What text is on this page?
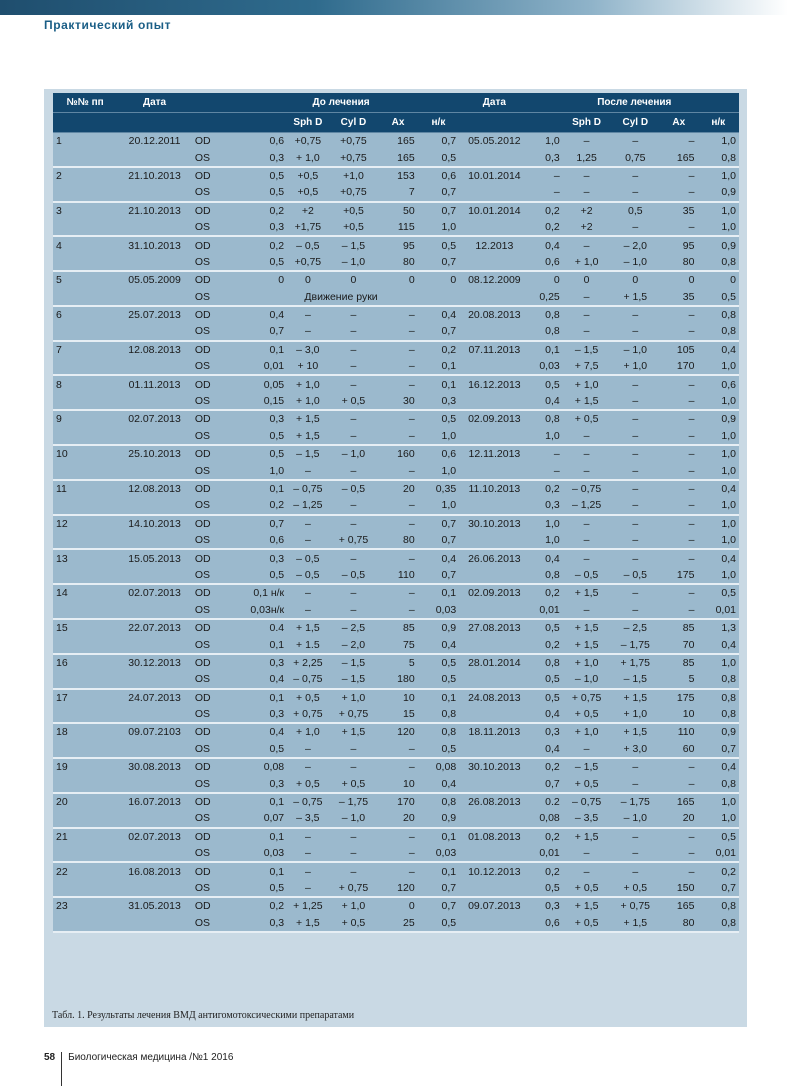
Практический опыт
№№ пп	Дата		До лечения					Дата	После лечения				
				Sph D	Cyl D	Ax	н/к			Sph D	Cyl D	Ax	н/к
1	20.12.2011	OD	0,6	+0,75	+0,75	165	0,7	05.05.2012	1,0	–	–	–	1,0
		OS	0,3	+ 1,0	+0,75	165	0,5		0,3	1,25	0,75	165	0,8
2	21.10.2013	OD	0,5	+0,5	+1,0	153	0,6	10.01.2014	–	–	–	–	1,0
		OS	0,5	+0,5	+0,75	7	0,7		–	–	–	–	0,9
3	21.10.2013	OD	0,2	+2	+0,5	50	0,7	10.01.2014	0,2	+2	0,5	35	1,0
		OS	0,3	+1,75	+0,5	115	1,0		0,2	+2	–	–	1,0
4	31.10.2013	OD	0,2	– 0,5	– 1,5	95	0,5	12.2013	0,4	–	– 2,0	95	0,9
		OS	0,5	+0,75	– 1,0	80	0,7		0,6	+ 1,0	– 1,0	80	0,8
5	05.05.2009	OD	0	0	0	0	0	08.12.2009	0	0	0	0	0
		OS	Движение руки						0,25	–	+ 1,5	35	0,5
6	25.07.2013	OD	0,4	–	–	–	0,4	20.08.2013	0,8	–	–	–	0,8
		OS	0,7	–	–	–	0,7		0,8	–	–	–	0,8
7	12.08.2013	OD	0,1	– 3,0	–	–	0,2	07.11.2013	0,1	– 1,5	– 1,0	105	0,4
		OS	0,01	+ 10	–	–	0,1		0,03	+ 7,5	+ 1,0	170	1,0
8	01.11.2013	OD	0,05	+ 1,0	–	–	0,1	16.12.2013	0,5	+ 1,0	–	–	0,6
		OS	0,15	+ 1,0	+ 0,5	30	0,3		0,4	+ 1,5	–	–	1,0
9	02.07.2013	OD	0,3	+ 1,5	–	–	0,5	02.09.2013	0,8	+ 0,5	–	–	0,9
		OS	0,5	+ 1,5	–	–	1,0		1,0	–	–	–	1,0
10	25.10.2013	OD	0,5	– 1,5	– 1,0	160	0,6	12.11.2013	–	–	–	–	1,0
		OS	1,0	–	–	–	1,0		–	–	–	–	1,0
11	12.08.2013	OD	0,1	– 0,75	– 0,5	20	0,35	11.10.2013	0,2	– 0,75	–	–	0,4
		OS	0,2	– 1,25	–	–	1,0		0,3	– 1,25	–	–	1,0
12	14.10.2013	OD	0,7	–	–	–	0,7	30.10.2013	1,0	–	–	–	1,0
		OS	0,6	–	+ 0,75	80	0,7		1,0	–	–	–	1,0
13	15.05.2013	OD	0,3	– 0,5	–	–	0,4	26.06.2013	0,4	–	–	–	0,4
		OS	0,5	– 0,5	– 0,5	110	0,7		0,8	– 0,5	– 0,5	175	1,0
14	02.07.2013	OD	0,1 н/к	–	–	–	0,1	02.09.2013	0,2	+ 1,5	–	–	0,5
		OS	0,03н/к	–	–	–	0,03		0,01	–	–	–	0,01
15	22.07.2013	OD	0.4	+ 1,5	– 2,5	85	0,9	27.08.2013	0,5	+ 1,5	– 2,5	85	1,3
		OS	0,1	+ 1.5	– 2,0	75	0,4		0,2	+ 1,5	– 1,75	70	0,4
16	30.12.2013	OD	0,3	+ 2,25	– 1,5	5	0,5	28.01.2014	0,8	+ 1,0	+ 1,75	85	1,0
		OS	0,4	– 0,75	– 1,5	180	0,5		0,5	– 1,0	– 1,5	5	0,8
17	24.07.2013	OD	0,1	+ 0,5	+ 1,0	10	0,1	24.08.2013	0,5	+ 0,75	+ 1,5	175	0,8
		OS	0,3	+ 0,75	+ 0,75	15	0,8		0,4	+ 0,5	+ 1,0	10	0,8
18	09.07.2103	OD	0,4	+ 1,0	+ 1,5	120	0,8	18.11.2013	0,3	+ 1,0	+ 1,5	110	0,9
		OS	0,5	–	–	–	0,5		0,4	–	+ 3,0	60	0,7
19	30.08.2013	OD	0,08	–	–	–	0,08	30.10.2013	0,2	– 1,5	–	–	0,4
		OS	0,3	+ 0,5	+ 0,5	10	0,4		0,7	+ 0,5	–	–	0,8
20	16.07.2013	OD	0,1	– 0,75	– 1,75	170	0,8	26.08.2013	0.2	– 0,75	– 1,75	165	1,0
		OS	0,07	– 3,5	– 1,0	20	0,9		0,08	– 3,5	– 1,0	20	1,0
21	02.07.2013	OD	0,1	–	–	–	0,1	01.08.2013	0,2	+ 1,5	–	–	0,5
		OS	0,03	–	–	–	0,03		0,01	–	–	–	0,01
22	16.08.2013	OD	0,1	–	–	–	0,1	10.12.2013	0,2	–	–	–	0,2
		OS	0,5	–	+ 0,75	120	0,7		0,5	+ 0,5	+ 0,5	150	0,7
23	31.05.2013	OD	0,2	+ 1,25	+ 1,0	0	0,7	09.07.2013	0,3	+ 1,5	+ 0,75	165	0,8
		OS	0,3	+ 1,5	+ 0,5	25	0,5		0,6	+ 0,5	+ 1,5	80	0,8
Табл. 1. Результаты лечения ВМД антигомотоксическими препаратами
58 Биологическая медицина /№1 2016
